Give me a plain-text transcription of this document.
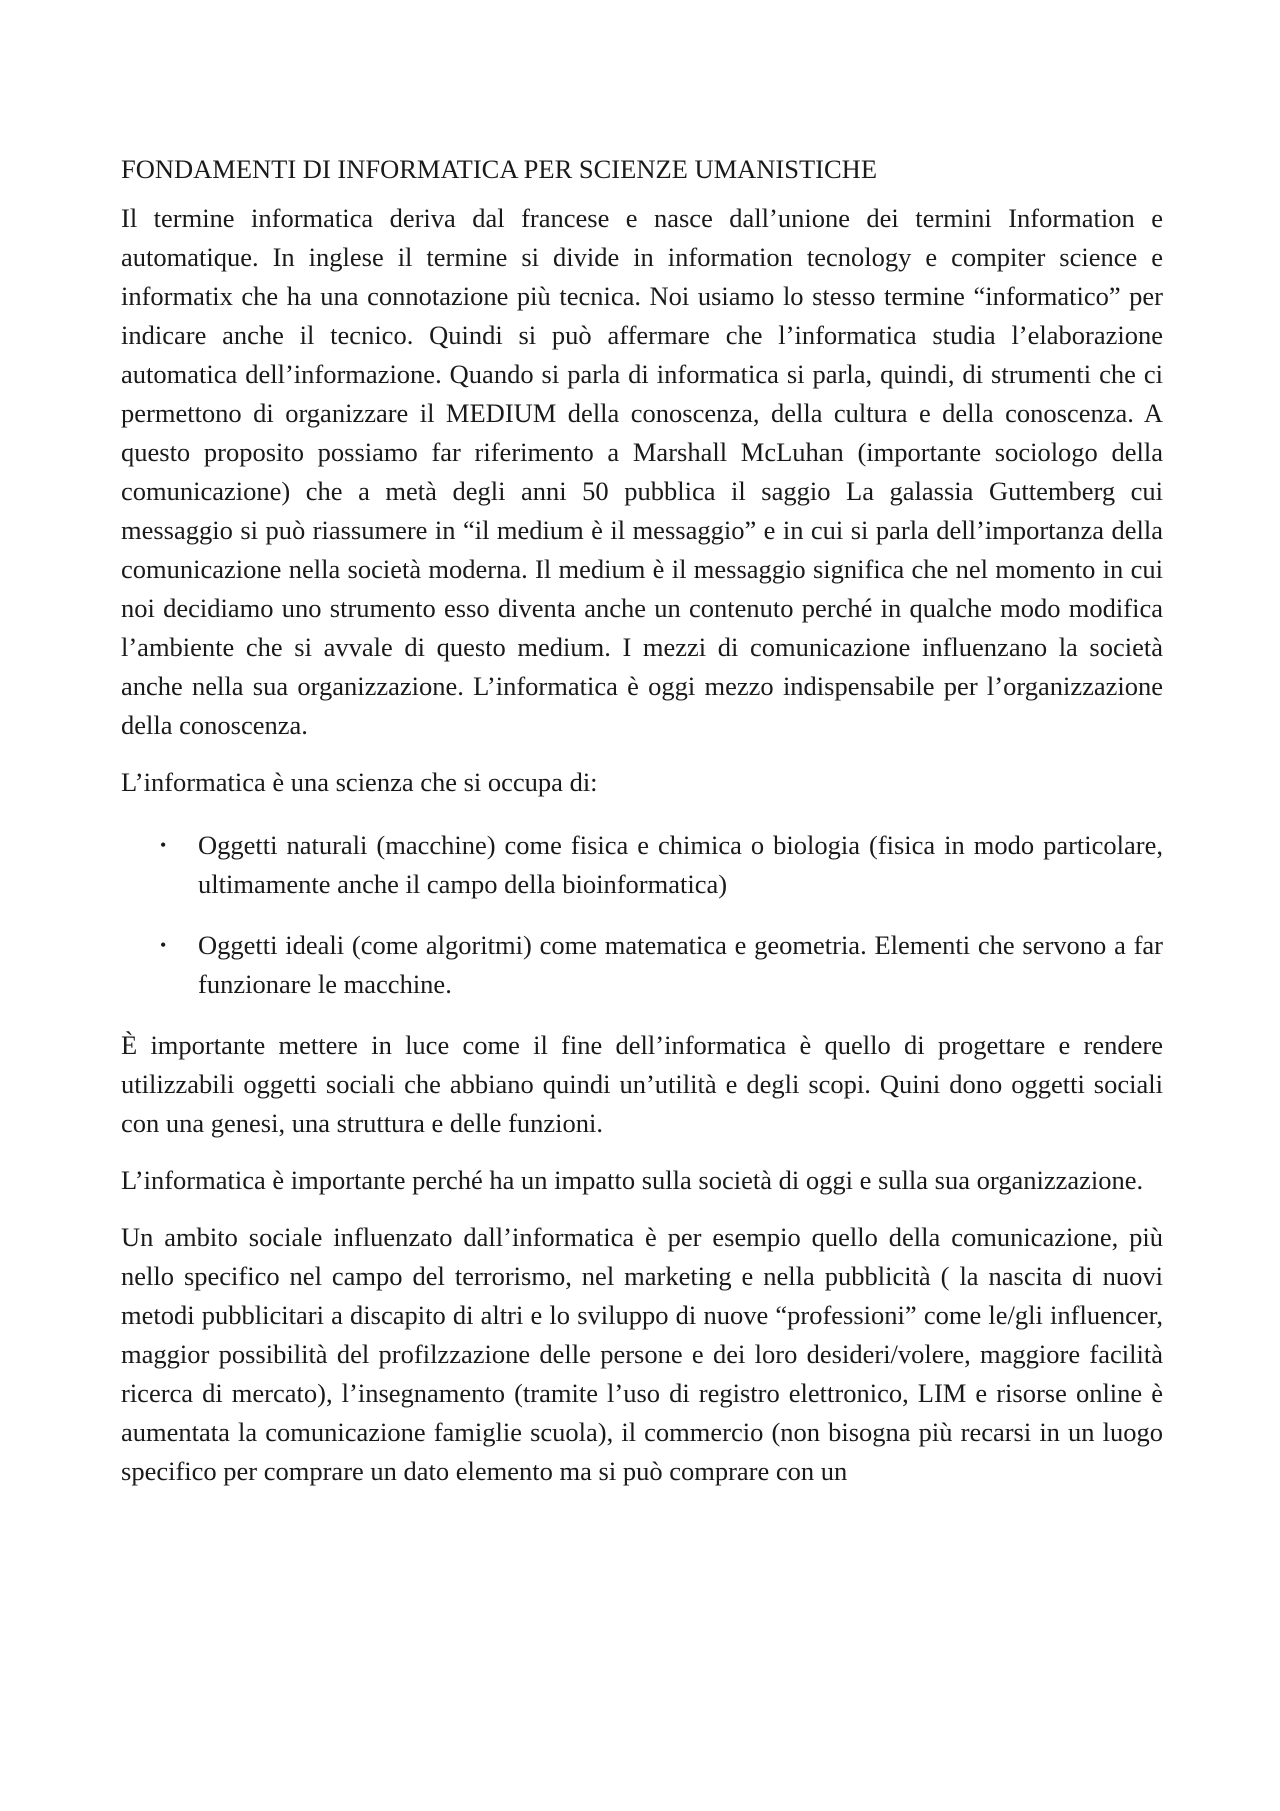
FONDAMENTI DI INFORMATICA PER SCIENZE UMANISTICHE

Il termine informatica deriva dal francese e nasce dall’unione dei termini Information e automatique. In inglese il termine si divide in information tecnology e compiter science e informatix che ha una connotazione più tecnica. Noi usiamo lo stesso termine “informatico” per indicare anche il tecnico. Quindi si può affermare che l’informatica studia l’elaborazione automatica dell’informazione. Quando si parla di informatica si parla, quindi, di strumenti che ci permettono di organizzare il MEDIUM della conoscenza, della cultura e della conoscenza. A questo proposito possiamo far riferimento a Marshall McLuhan (importante sociologo della comunicazione) che a metà degli anni 50 pubblica il saggio La galassia Guttemberg cui messaggio si può riassumere in “il medium è il messaggio” e in cui si parla dell’importanza della comunicazione nella società moderna. Il medium è il messaggio significa che nel momento in cui noi decidiamo uno strumento esso diventa anche un contenuto perché in qualche modo modifica l’ambiente che si avvale di questo medium. I mezzi di comunicazione influenzano la società anche nella sua organizzazione. L’informatica è oggi mezzo indispensabile per l’organizzazione della conoscenza.

L’informatica è una scienza che si occupa di:

• Oggetti naturali (macchine) come fisica e chimica o biologia (fisica in modo particolare, ultimamente anche il campo della bioinformatica)
• Oggetti ideali (come algoritmi) come matematica e geometria. Elementi che servono a far funzionare le macchine.

È importante mettere in luce come il fine dell’informatica è quello di progettare e rendere utilizzabili oggetti sociali che abbiano quindi un’utilità e degli scopi. Quini dono oggetti sociali con una genesi, una struttura e delle funzioni.

L’informatica è importante perché ha un impatto sulla società di oggi e sulla sua organizzazione.

Un ambito sociale influenzato dall’informatica è per esempio quello della comunicazione, più nello specifico nel campo del terrorismo, nel marketing e nella pubblicità ( la nascita di nuovi metodi pubblicitari a discapito di altri e lo sviluppo di nuove “professioni” come le/gli influencer, maggior possibilità del profilzzazione delle persone e dei loro desideri/volere, maggiore facilità ricerca di mercato), l’insegnamento (tramite l’uso di registro elettronico, LIM e risorse online è aumentata la comunicazione famiglie scuola), il commercio (non bisogna più recarsi in un luogo specifico per comprare un dato elemento ma si può comprare con un
